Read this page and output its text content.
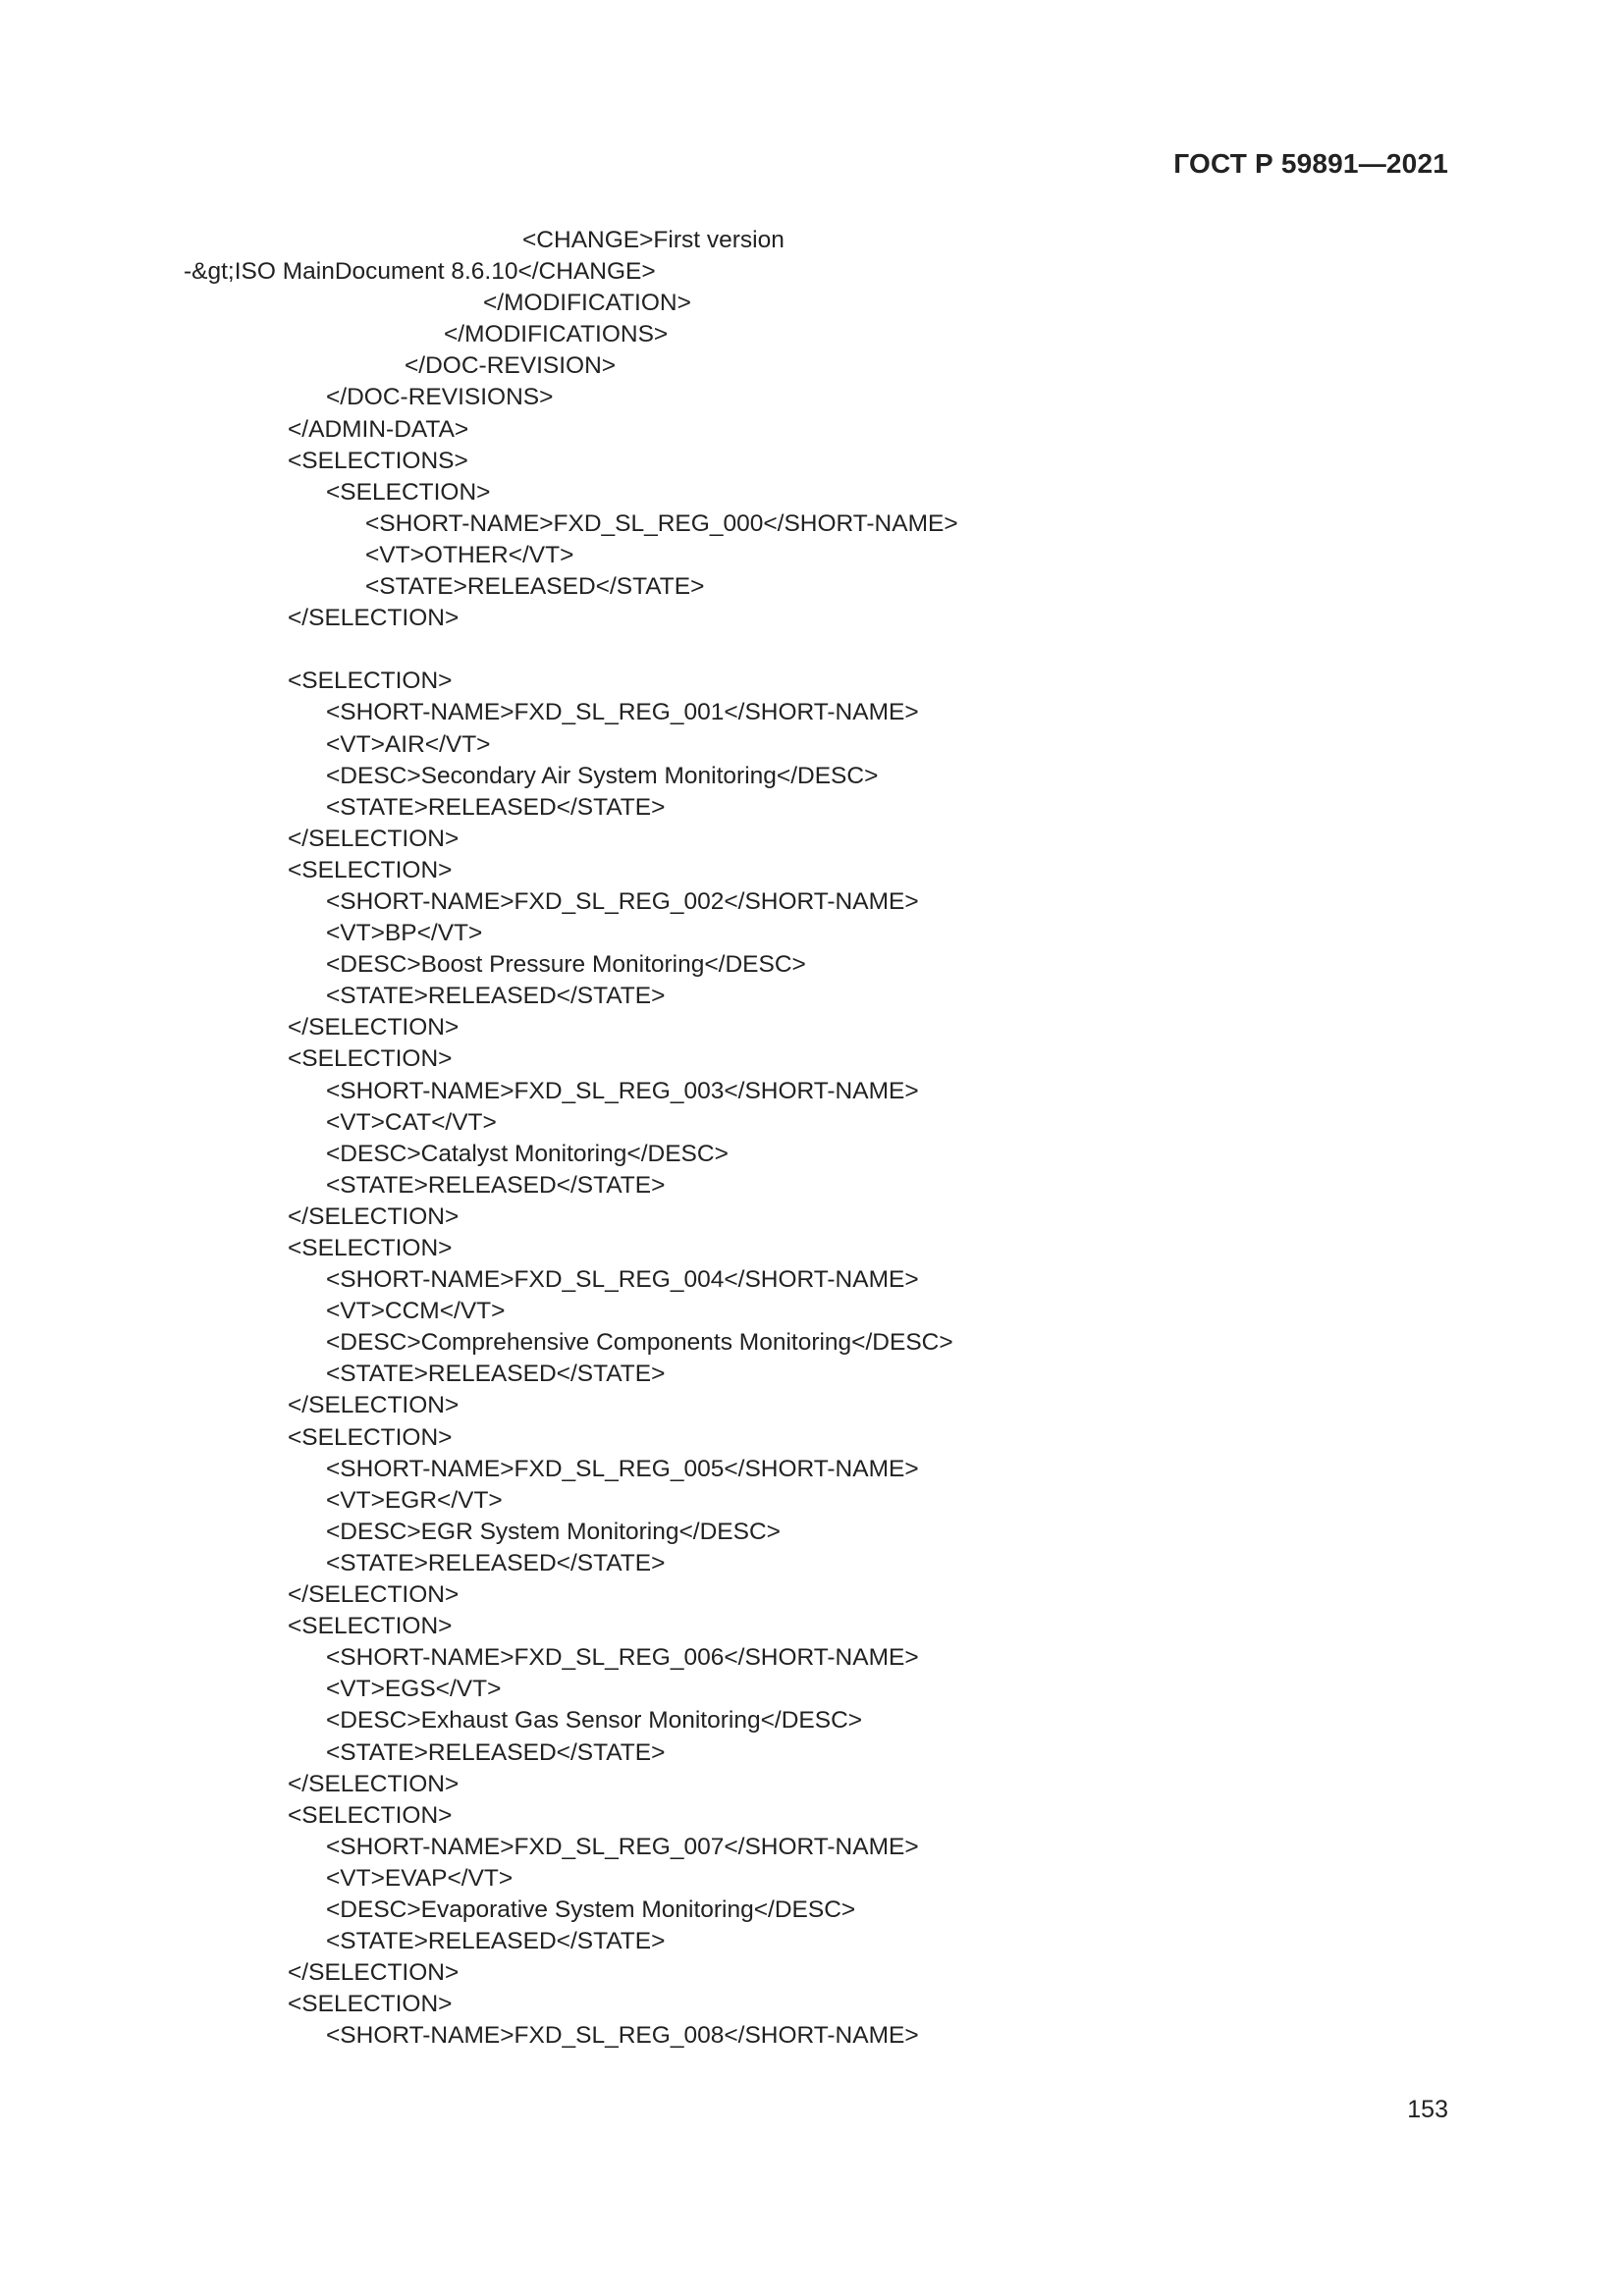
ГОСТ Р 59891—2021
<CHANGE>First version
-&gt;ISO MainDocument 8.6.10</CHANGE>
</MODIFICATION>
</MODIFICATIONS>
</DOC-REVISION>
</DOC-REVISIONS>
</ADMIN-DATA>
<SELECTIONS>
<SELECTION>
<SHORT-NAME>FXD_SL_REG_000</SHORT-NAME>
<VT>OTHER</VT>
<STATE>RELEASED</STATE>
</SELECTION>
<SELECTION>
<SHORT-NAME>FXD_SL_REG_001</SHORT-NAME>
<VT>AIR</VT>
<DESC>Secondary Air System Monitoring</DESC>
<STATE>RELEASED</STATE>
</SELECTION>
<SELECTION>
<SHORT-NAME>FXD_SL_REG_002</SHORT-NAME>
<VT>BP</VT>
<DESC>Boost Pressure Monitoring</DESC>
<STATE>RELEASED</STATE>
</SELECTION>
<SELECTION>
<SHORT-NAME>FXD_SL_REG_003</SHORT-NAME>
<VT>CAT</VT>
<DESC>Catalyst Monitoring</DESC>
<STATE>RELEASED</STATE>
</SELECTION>
<SELECTION>
<SHORT-NAME>FXD_SL_REG_004</SHORT-NAME>
<VT>CCM</VT>
<DESC>Comprehensive Components Monitoring</DESC>
<STATE>RELEASED</STATE>
</SELECTION>
<SELECTION>
<SHORT-NAME>FXD_SL_REG_005</SHORT-NAME>
<VT>EGR</VT>
<DESC>EGR System Monitoring</DESC>
<STATE>RELEASED</STATE>
</SELECTION>
<SELECTION>
<SHORT-NAME>FXD_SL_REG_006</SHORT-NAME>
<VT>EGS</VT>
<DESC>Exhaust Gas Sensor Monitoring</DESC>
<STATE>RELEASED</STATE>
</SELECTION>
<SELECTION>
<SHORT-NAME>FXD_SL_REG_007</SHORT-NAME>
<VT>EVAP</VT>
<DESC>Evaporative System Monitoring</DESC>
<STATE>RELEASED</STATE>
</SELECTION>
<SELECTION>
<SHORT-NAME>FXD_SL_REG_008</SHORT-NAME>
153
